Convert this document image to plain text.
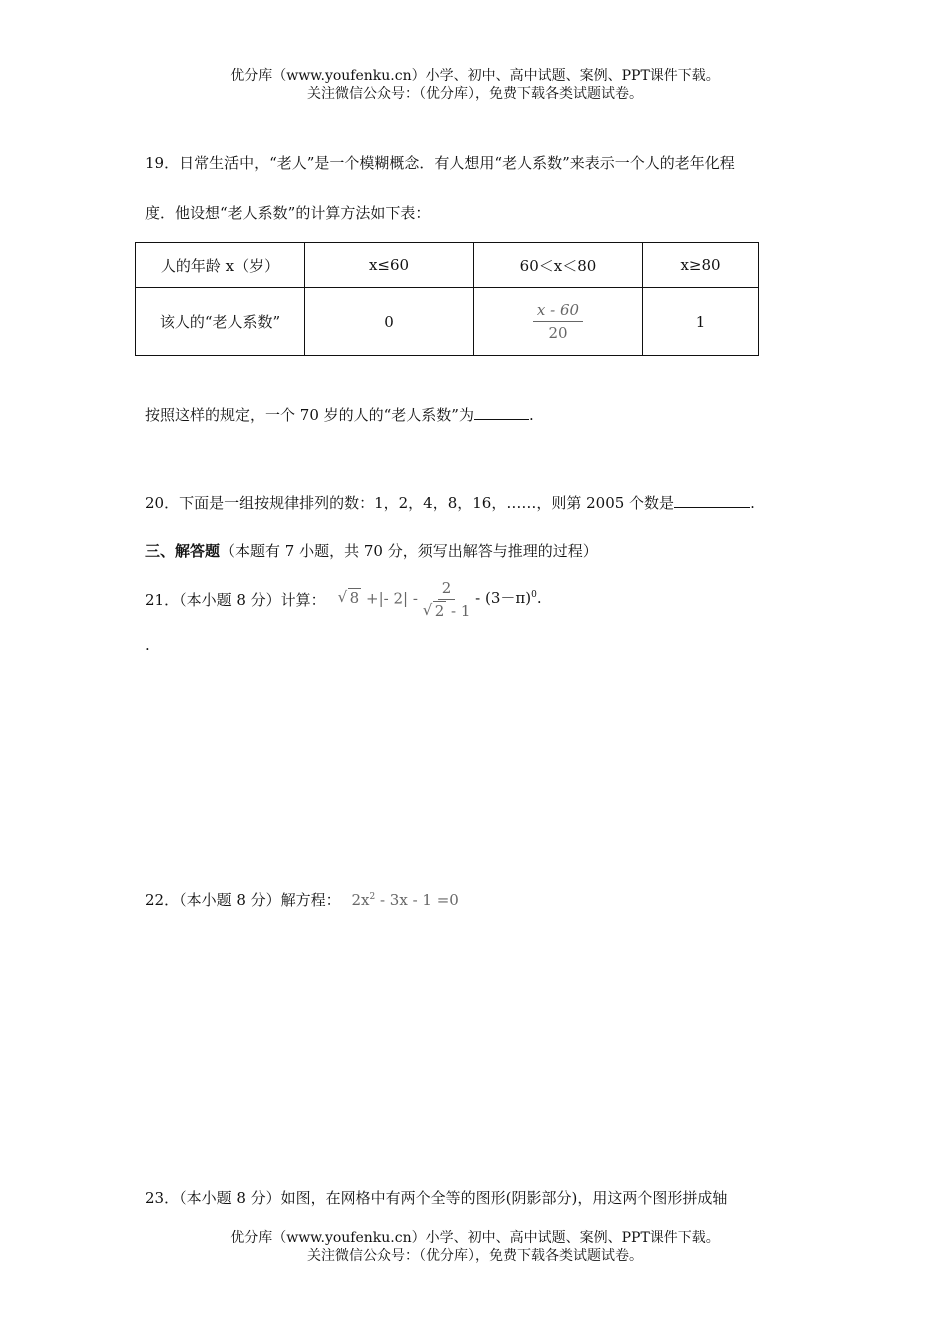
优分库（www.youfenku.cn）小学、初中、高中试题、案例、PPT课件下载。
关注微信公众号：（优分库），免费下载各类试题试卷。
19．日常生活中，“老人”是一个模糊概念．有人想用“老人系数”来表示一个人的老年化程
度．他设想“老人系数”的计算方法如下表：
人的年龄 x（岁）	x≤60	60＜x＜80	x≥80
该人的“老人系数”	0	$\frac{x - 60}{20}$	1
按照这样的规定，一个 70 岁的人的“老人系数”为	.
20．下面是一组按规律排列的数：1，2，4，8，16，……，则第 2005 个数是	.
三、解答题（本题有 7 小题，共 70 分，须写出解答与推理的过程）
21．（本小题 8 分）计算： √ 8 +|- $2| - \frac{2}{√ 2 - 1} - (3-\pi)^0$.
.
22．（本小题 8 分）解方程： $2x^2 - 3x - 1 =0$
23．（本小题 8 分）如图，在网格中有两个全等的图形(阴影部分)，用这两个图形拼成轴
优分库（www.youfenku.cn）小学、初中、高中试题、案例、PPT课件下载。
关注微信公众号：（优分库），免费下载各类试题试卷。
